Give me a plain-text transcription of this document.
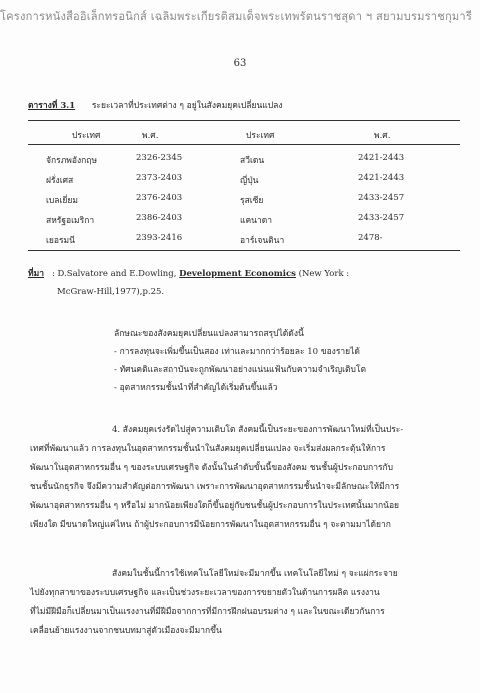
โครงการหนังสืออิเล็กทรอนิกส์ เฉลิมพระเกียรติสมเด็จพระเทพรัตนราชสุดา ฯ สยามบรมราชกุมารี
63
ตารางที่ 3.1 ระยะเวลาที่ประเทศต่าง ๆ อยู่ในสังคมยุคเปลี่ยนแปลง
ประเทศ	พ.ศ.	ประเทศ	พ.ศ.
จักรภพอังกฤษ	2326-2345	สวีเดน	2421-2443
ฝรั่งเศส	2373-2403	ญี่ปุ่น	2421-2443
เบลเยี่ยม	2376-2403	รุสเซีย	2433-2457
สหรัฐอเมริกา	2386-2403	แคนาดา	2433-2457
เยอรมนี	2393-2416	อาร์เจนตินา	2478-
ที่มา : D.Salvatore and E.Dowling, Development Economics (New York :
McGraw-Hill,1977),p.25.
ลักษณะของสังคมยุคเปลี่ยนแปลงสามารถสรุปได้ดังนี้
- การลงทุนจะเพิ่มขึ้นเป็นสอง เท่าและมากกว่าร้อยละ 10 ของรายได้
- ทัศนคติและสถาบันจะถูกพัฒนาอย่างแน่นแฟ้นกับความจำเริญเติบโต
- อุตสาหกรรมชั้นนำที่สำคัญได้เริ่มต้นขึ้นแล้ว
4. สังคมยุคเร่งรัดไปสู่ความเติบโต สังคมนี้เป็นระยะของการพัฒนาใหม่ที่เป็นประ-
เทศที่พัฒนาแล้ว การลงทุนในอุตสาหกรรมชั้นนำในสังคมยุคเปลี่ยนแปลง จะเริ่มส่งผลกระตุ้นให้การ
พัฒนาในอุตสาหกรรมอื่น ๆ ของระบบเศรษฐกิจ ดังนั้นในลำดับขั้นนี้ของสังคม ชนชั้นผู้ประกอบการกับ
ชนชั้นนักธุรกิจ จึงมีความสำคัญต่อการพัฒนา เพราะการพัฒนาอุตสาหกรรมชั้นนำจะมีลักษณะให้มีการ
พัฒนาอุตสาหกรรมอื่น ๆ หรือไม่ มากน้อยเพียงใดก็ขึ้นอยู่กับชนชั้นผู้ประกอบการในประเทศนั้นมากน้อย
เพียงใด มีขนาดใหญ่แค่ไหน ถ้าผู้ประกอบการมีน้อยการพัฒนาในอุตสาหกรรมอื่น ๆ จะตามมาได้ยาก
สังคมในชั้นนี้การใช้เทคโนโลยีใหม่จะมีมากขึ้น เทคโนโลยีใหม่ ๆ จะแผ่กระจาย
ไปยังทุกสาขาของระบบเศรษฐกิจ และเป็นช่วงระยะเวลาของการขยายตัวในด้านการผลิต แรงงาน
ที่ไม่มีฝีมือก็เปลี่ยนมาเป็นแรงงานที่มีฝีมือจากการที่มีการฝึกฝนอบรมต่าง ๆ และในขณะเดียวกันการ
เคลื่อนย้ายแรงงานจากชนบทมาสู่ตัวเมืองจะมีมากขึ้น
